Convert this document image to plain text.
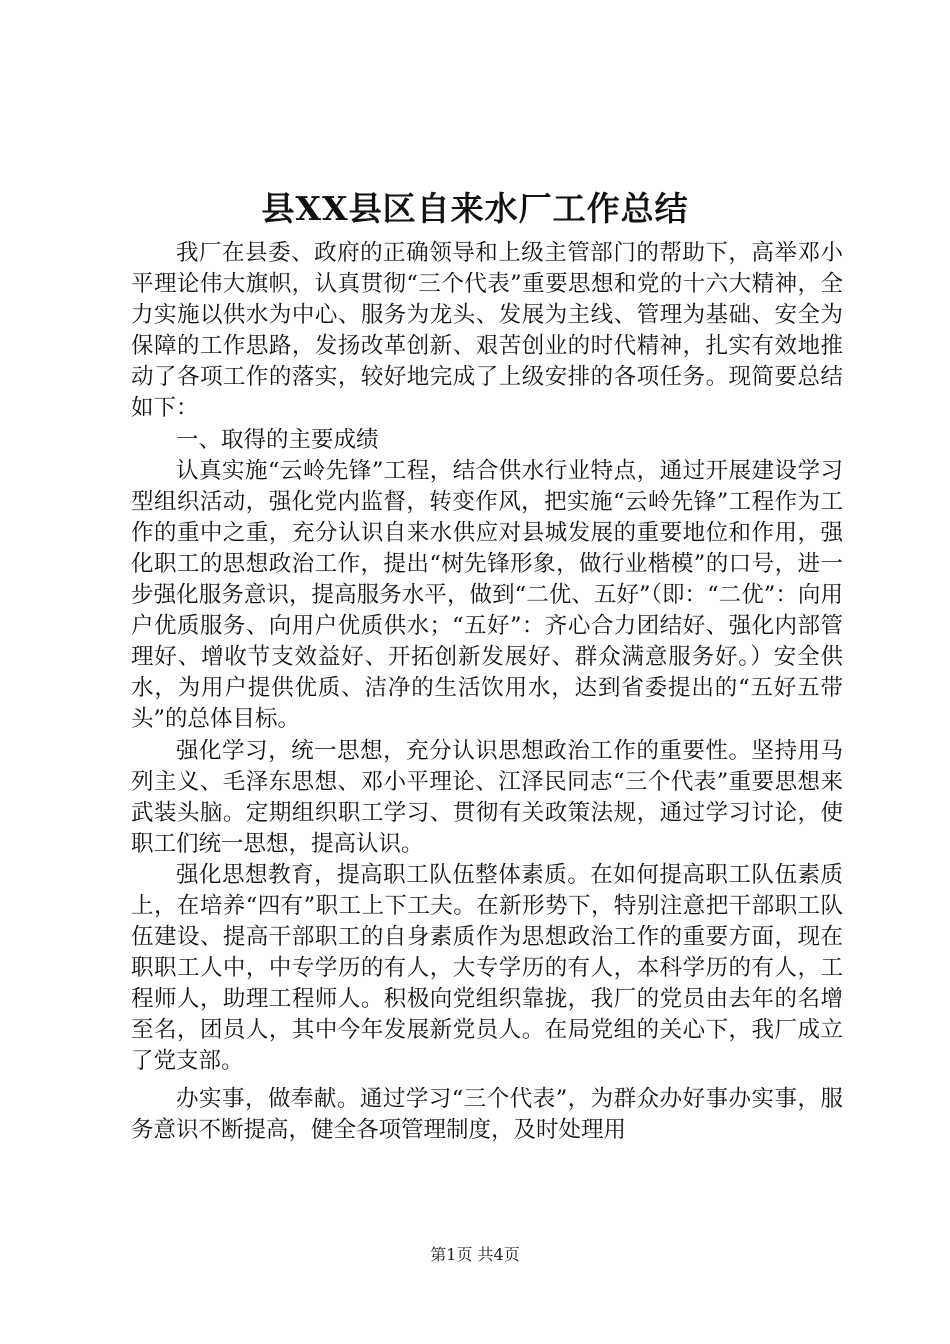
县XX县区自来水厂工作总结

我厂在县委、政府的正确领导和上级主管部门的帮助下，高举邓小平理论伟大旗帜，认真贯彻“三个代表”重要思想和党的十六大精神，全力实施以供水为中心、服务为龙头、发展为主线、管理为基础、安全为保障的工作思路，发扬改革创新、艰苦创业的时代精神，扎实有效地推动了各项工作的落实，较好地完成了上级安排的各项任务。现简要总结如下：

一、取得的主要成绩

认真实施“云岭先锋”工程，结合供水行业特点，通过开展建设学习型组织活动，强化党内监督，转变作风，把实施“云岭先锋”工程作为工作的重中之重，充分认识自来水供应对县城发展的重要地位和作用，强化职工的思想政治工作，提出“树先锋形象，做行业楷模”的口号，进一步强化服务意识，提高服务水平，做到“二优、五好”（即：“二优”：向用户优质服务、向用户优质供水；“五好”：齐心合力团结好、强化内部管理好、增收节支效益好、开拓创新发展好、群众满意服务好。）安全供水，为用户提供优质、洁净的生活饮用水，达到省委提出的“五好五带头”的总体目标。

强化学习，统一思想，充分认识思想政治工作的重要性。坚持用马列主义、毛泽东思想、邓小平理论、江泽民同志“三个代表”重要思想来武装头脑。定期组织职工学习、贯彻有关政策法规，通过学习讨论，使职工们统一思想，提高认识。

强化思想教育，提高职工队伍整体素质。在如何提高职工队伍素质上，在培养“四有”职工上下工夫。在新形势下，特别注意把干部职工队伍建设、提高干部职工的自身素质作为思想政治工作的重要方面，现在职职工人中，中专学历的有人，大专学历的有人，本科学历的有人，工程师人，助理工程师人。积极向党组织靠拢，我厂的党员由去年的名增至名，团员人，其中今年发展新党员人。在局党组的关心下，我厂成立了党支部。

办实事，做奉献。通过学习“三个代表”，为群众办好事办实事，服务意识不断提高，健全各项管理制度，及时处理用

第1页 共4页
